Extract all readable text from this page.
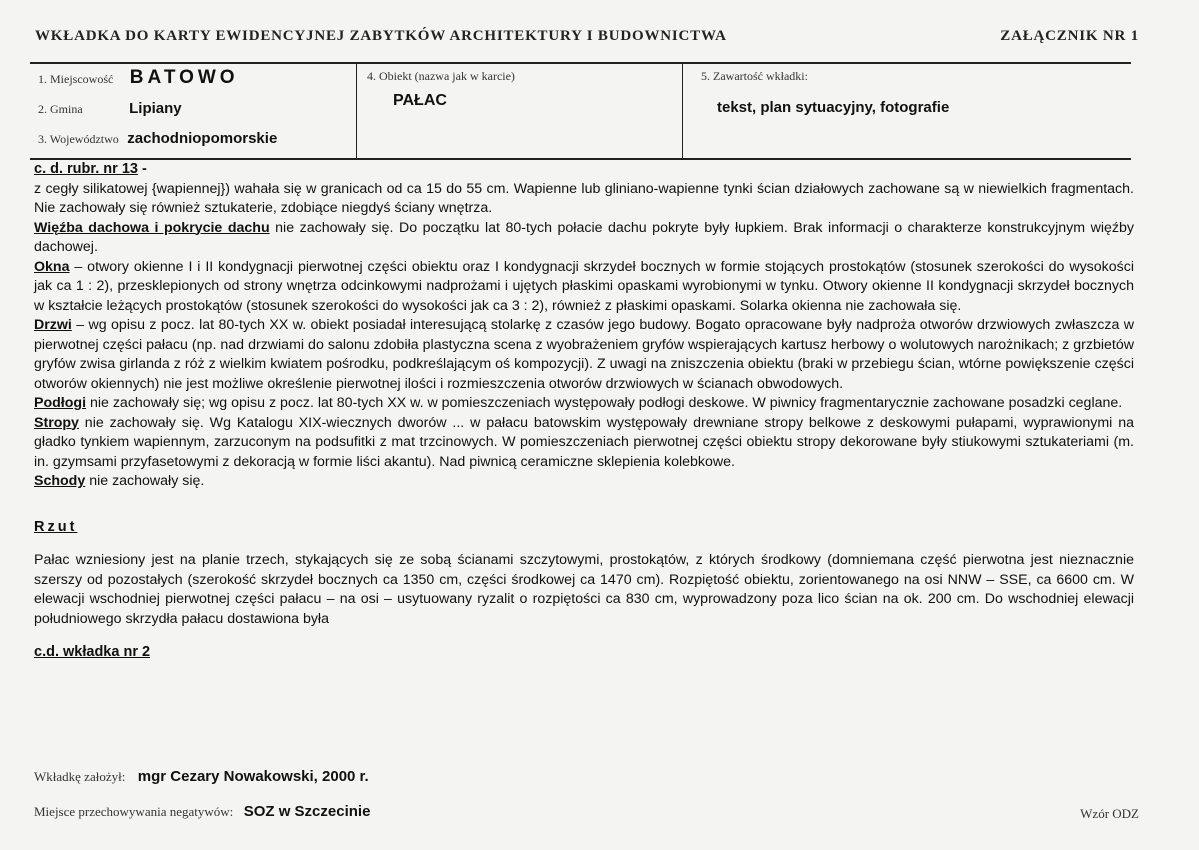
WKŁADKA DO KARTY EWIDENCYJNEJ ZABYTKÓW ARCHITEKTURY I BUDOWNICTWA	ZAŁĄCZNIK NR 1
1. Miejscowość BATOWO
2. Gmina	Lipiany
3. Województwo zachodniopomorskie
4. Obiekt (nazwa jak w karcie)
PAŁAC
5. Zawartość wkładki:
tekst, plan sytuacyjny, fotografie

c. d. rubr. nr 13 -

z cegły silikatowej {wapiennej}) wahała się w granicach od ca 15 do 55 cm. Wapienne lub gliniano-wapienne tynki ścian działowych zachowane są w niewielkich fragmentach. Nie zachowały się również sztukaterie, zdobiące niegdyś ściany wnętrza.

Więźba dachowa i pokrycie dachu nie zachowały się. Do początku lat 80-tych połacie dachu pokryte były łupkiem. Brak informacji o charakterze konstrukcyjnym więźby dachowej.

Okna – otwory okienne I i II kondygnacji pierwotnej części obiektu oraz I kondygnacji skrzydeł bocznych w formie stojących prostokątów (stosunek szerokości do wysokości jak ca 1 : 2), przesklepionych od strony wnętrza odcinkowymi nadprożami i ujętych płaskimi opaskami wyrobionymi w tynku. Otwory okienne II kondygnacji skrzydeł bocznych w kształcie leżących prostokątów (stosunek szerokości do wysokości jak ca 3 : 2), również z płaskimi opaskami. Solarka okienna nie zachowała się.

Drzwi – wg opisu z pocz. lat 80-tych XX w. obiekt posiadał interesującą stolarkę z czasów jego budowy. Bogato opracowane były nadproża otworów drzwiowych zwłaszcza w pierwotnej części pałacu (np. nad drzwiami do salonu zdobiła plastyczna scena z wyobrażeniem gryfów wspierających kartusz herbowy o wolutowych narożnikach; z grzbietów gryfów zwisa girlanda z róż z wielkim kwiatem pośrodku, podkreślającym oś kompozycji). Z uwagi na zniszczenia obiektu (braki w przebiegu ścian, wtórne powiększenie części otworów okiennych) nie jest możliwe określenie pierwotnej ilości i rozmieszczenia otworów drzwiowych w ścianach obwodowych.

Podłogi nie zachowały się; wg opisu z pocz. lat 80-tych XX w. w pomieszczeniach występowały podłogi deskowe. W piwnicy fragmentarycznie zachowane posadzki ceglane.

Stropy nie zachowały się. Wg Katalogu XIX-wiecznych dworów ... w pałacu batowskim występowały drewniane stropy belkowe z deskowymi pułapami, wyprawionymi na gładko tynkiem wapiennym, zarzuconym na podsufitki z mat trzcinowych. W pomieszczeniach pierwotnej części obiektu stropy dekorowane były stiukowymi sztukateriami (m. in. gzymsami przyfasetowymi z dekoracją w formie liści akantu). Nad piwnicą ceramiczne sklepienia kolebkowe.

Schody nie zachowały się.

Rzut

Pałac wzniesiony jest na planie trzech, stykających się ze sobą ścianami szczytowymi, prostokątów, z których środkowy (domniemana część pierwotna jest nieznacznie szerszy od pozostałych (szerokość skrzydeł bocznych ca 1350 cm, części środkowej ca 1470 cm). Rozpiętość obiektu, zorientowanego na osi NNW – SSE, ca 6600 cm. W elewacji wschodniej pierwotnej części pałacu – na osi – usytuowany ryzalit o rozpiętości ca 830 cm, wyprowadzony poza lico ścian na ok. 200 cm. Do wschodniej elewacji południowego skrzydła pałacu dostawiona była

c.d. wkładka nr 2

Wkładkę założył: mgr Cezary Nowakowski, 2000 r.
Miejsce przechowywania negatywów: SOZ w Szczecinie	Wzór ODZ
